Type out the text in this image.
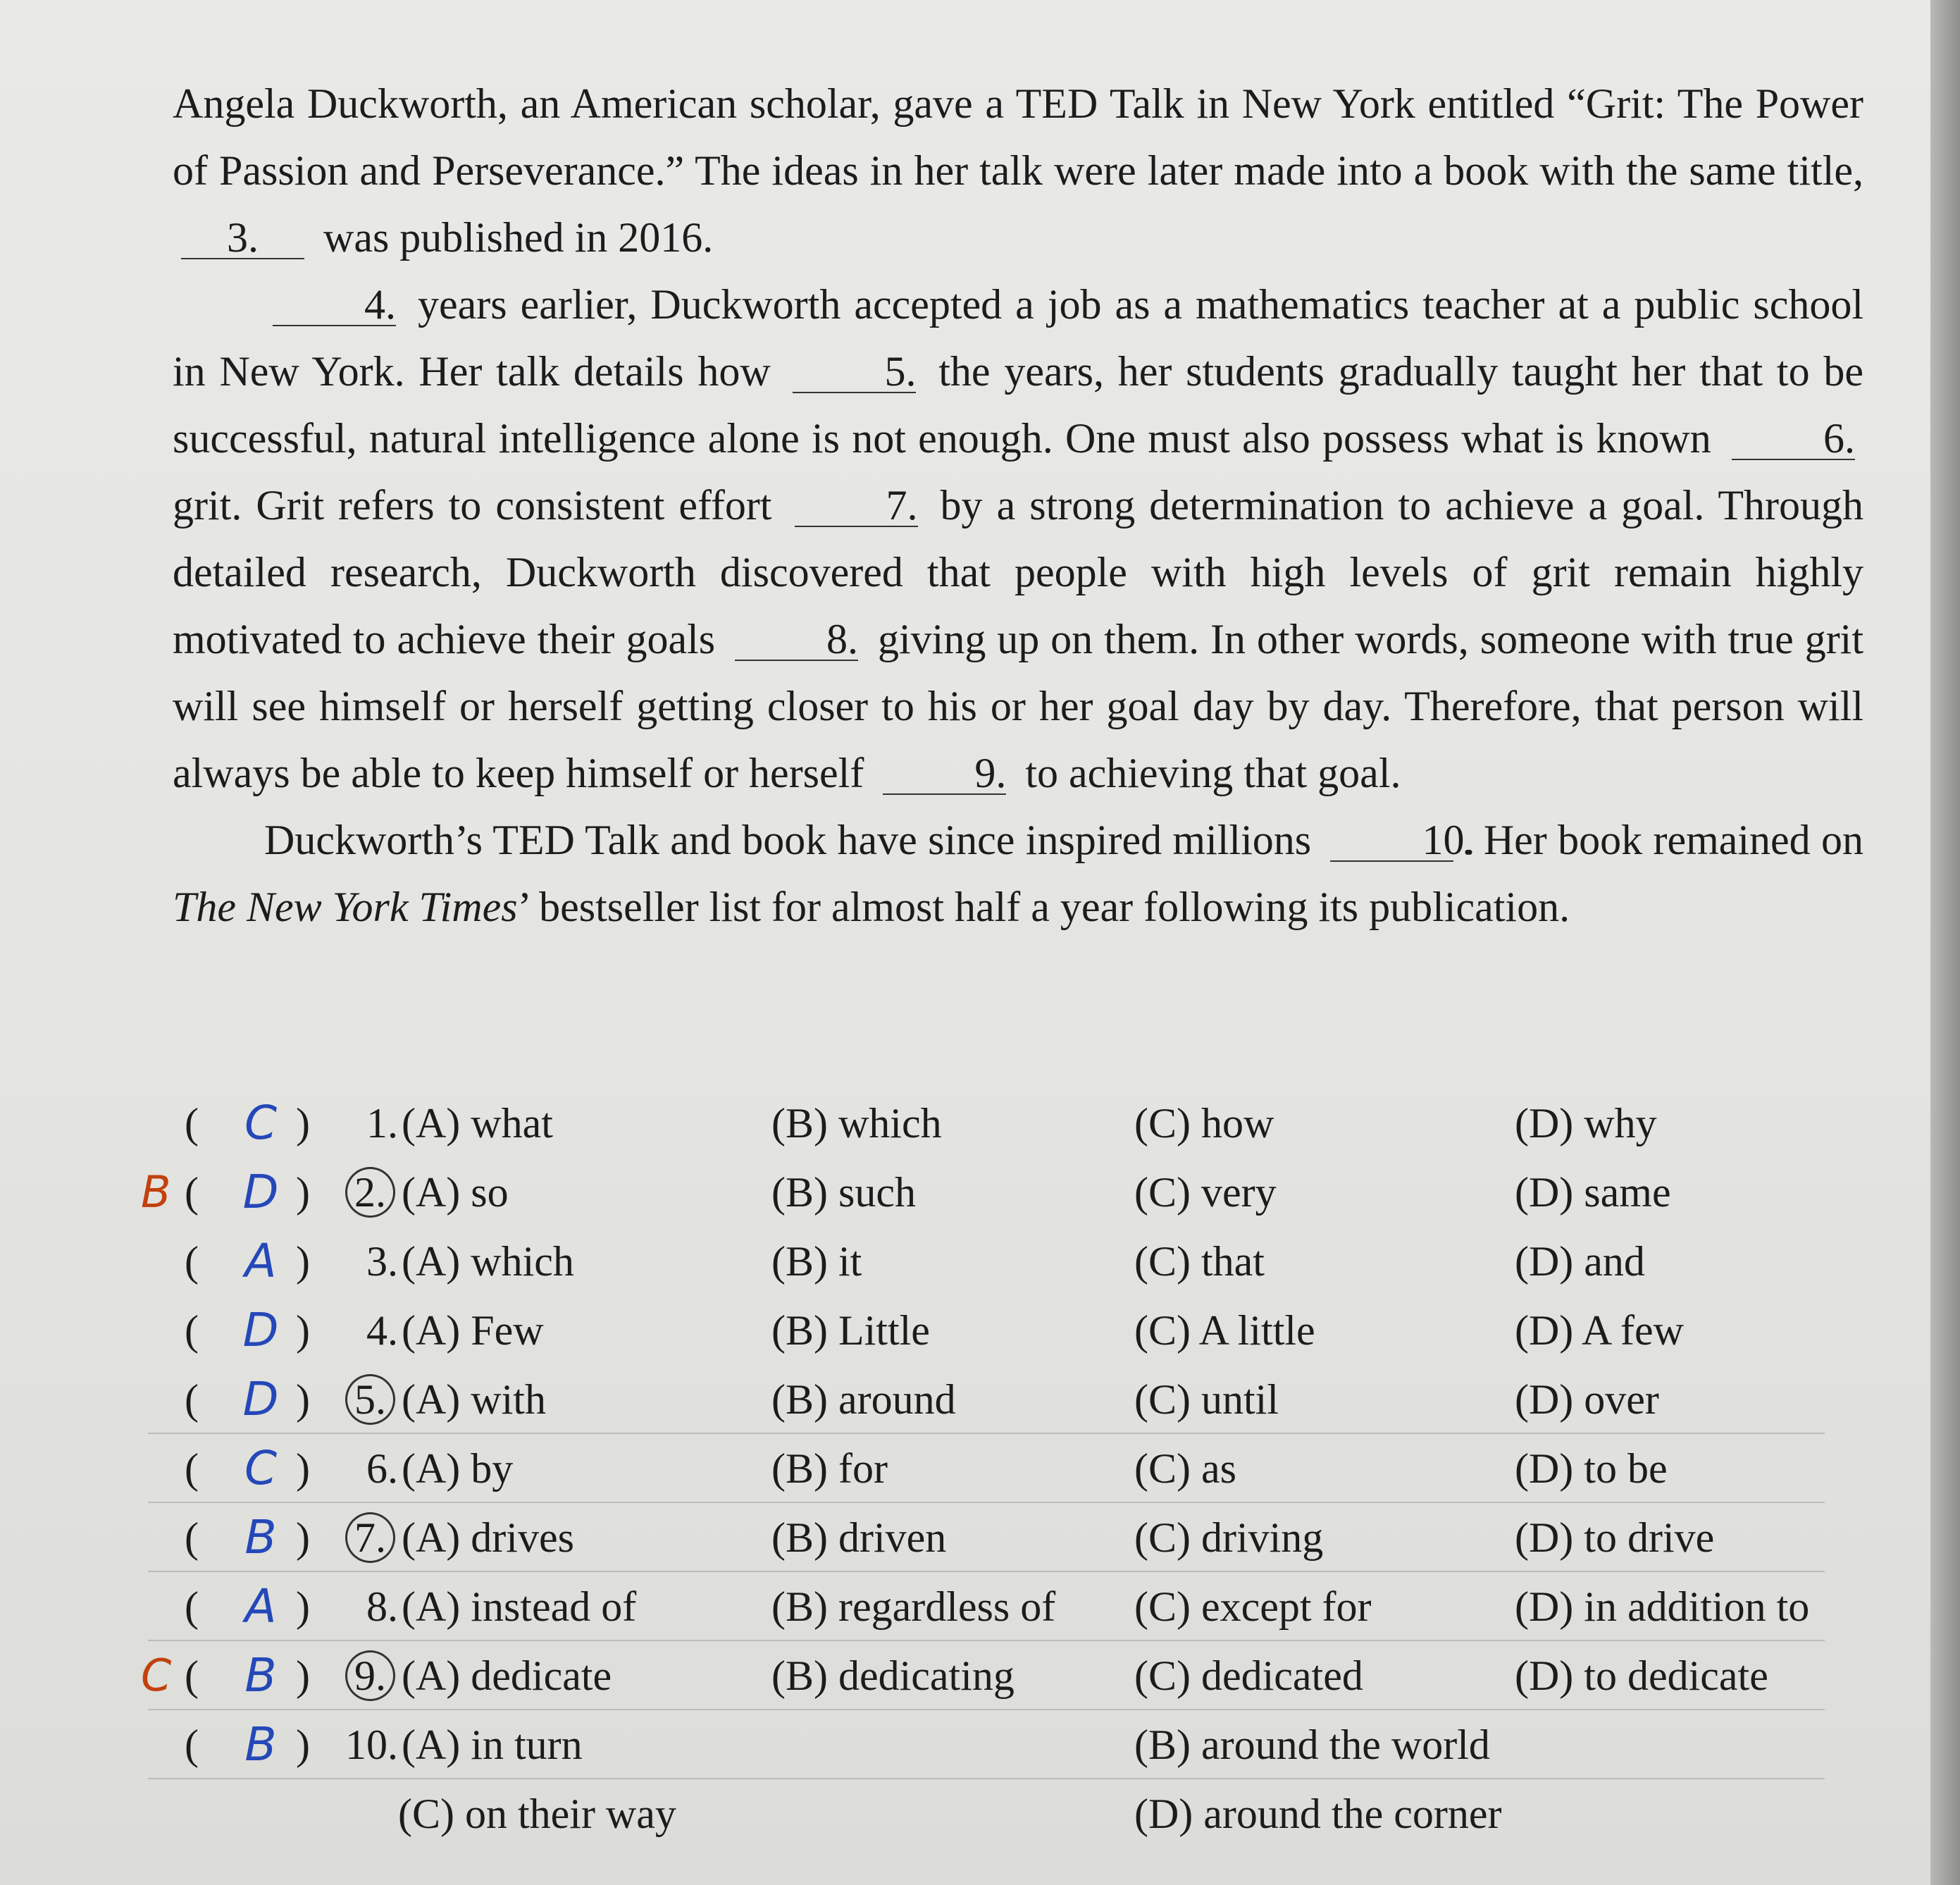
Angela Duckworth, an American scholar, gave a TED Talk in New York entitled “Grit: The Power of Passion and Perseverance.” The ideas in her talk were later made into a book with the same title, 3. was published in 2016.

4. years earlier, Duckworth accepted a job as a mathematics teacher at a public school in New York. Her talk details how	5. the years, her students gradually taught her that to be successful, natural intelligence alone is not enough. One must also possess what is known	6. grit. Grit refers to consistent effort	7. by a strong determination to achieve a goal. Through detailed research, Duckworth discovered that people with high levels of grit remain highly motivated to achieve their goals	8. giving up on them. In other words, someone with true grit will see himself or herself getting closer to his or her goal day by day. Therefore, that person will always be able to keep himself or herself	9. to achieving that goal.

Duckworth’s TED Talk and book have since inspired millions	10.. Her book remained on The New York Times’ bestseller list for almost half a year following its publication.

( C )	1. (A) what	(B) which	(C) how	(D) why
B ( D )	2. (A) so	(B) such	(C) very	(D) same
( A )	3. (A) which	(B) it	(C) that	(D) and
( D )	4. (A) Few	(B) Little	(C) A little	(D) A few
( D )	5. (A) with	(B) around	(C) until	(D) over
( C )	6. (A) by	(B) for	(C) as	(D) to be
( B )	7. (A) drives	(B) driven	(C) driving	(D) to drive
( A )	8. (A) instead of	(B) regardless of (C) except for	(D) in addition to
C ( B )	9. (A) dedicate	(B) dedicating	(C) dedicated	(D) to dedicate
( B ) 10. (A) in turn	(B) around the world
(C) on their way	(D) around the corner
